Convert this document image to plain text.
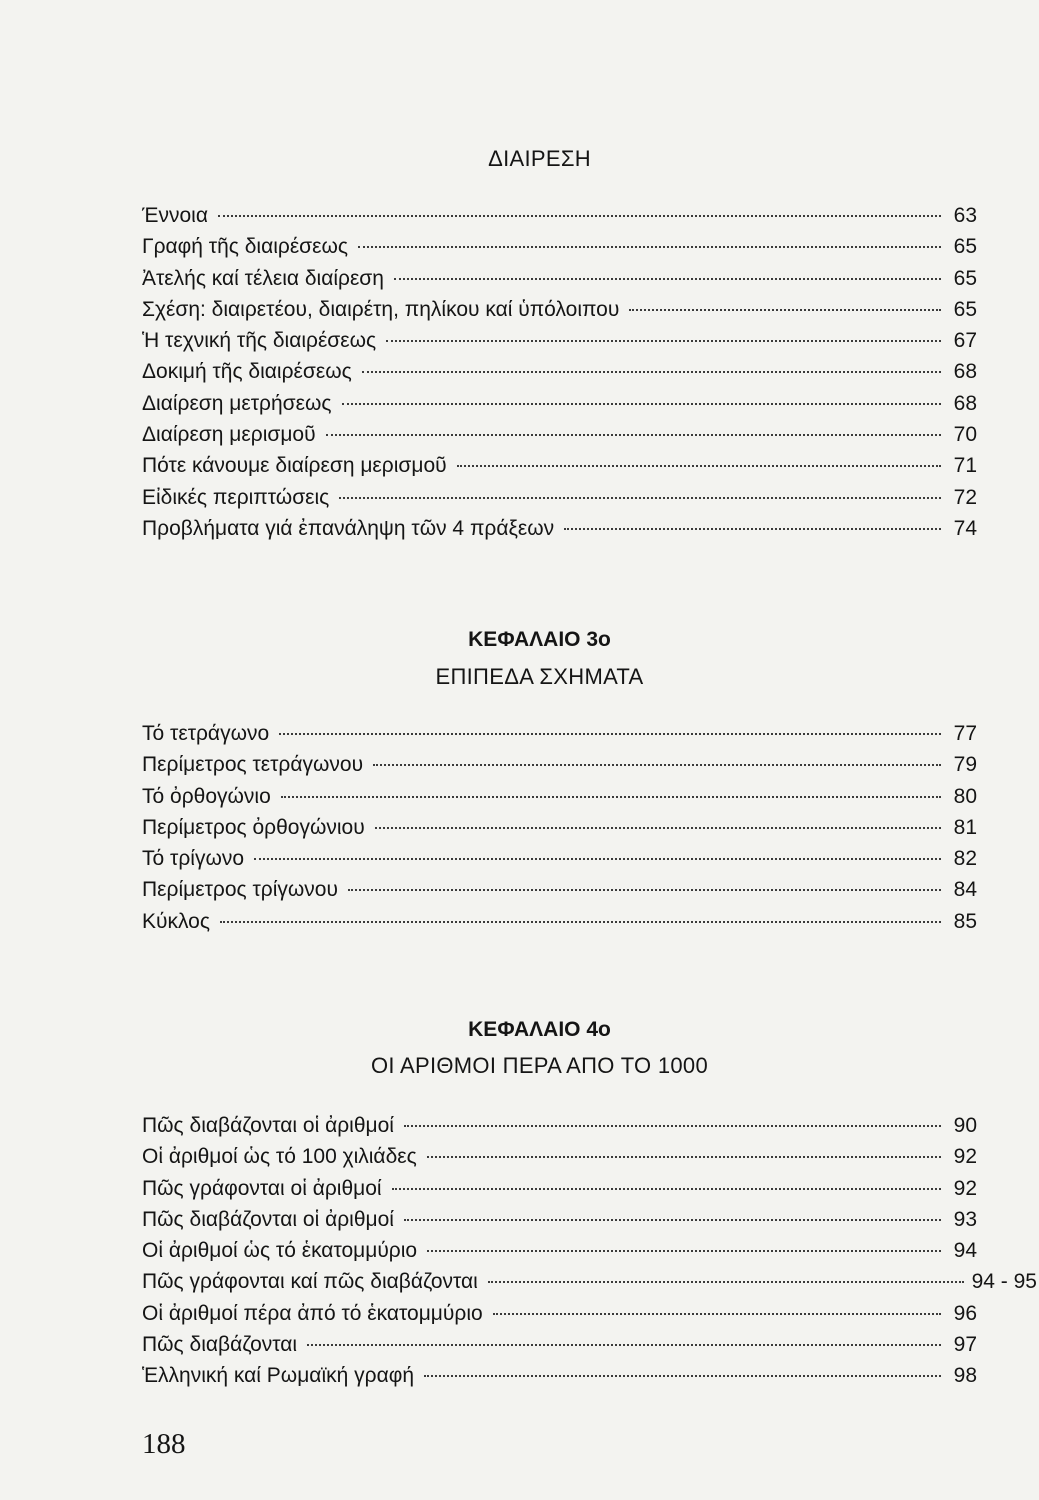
ΔΙΑΙΡΕΣΗ
Έννοια	63
Γραφή τῆς διαιρέσεως	65
Ἀτελής καί τέλεια διαίρεση	65
Σχέση: διαιρετέου, διαιρέτη, πηλίκου καί ὑπόλοιπου	65
Ἡ τεχνική τῆς διαιρέσεως	67
Δοκιμή τῆς διαιρέσεως	68
Διαίρεση μετρήσεως	68
Διαίρεση μερισμοῦ	70
Πότε κάνουμε διαίρεση μερισμοῦ	71
Εἰδικές περιπτώσεις	72
Προβλήματα γιά ἐπανάληψη τῶν 4 πράξεων	74
ΚΕΦΑΛΑΙΟ 3ο
ΕΠΙΠΕΔΑ ΣΧΗΜΑΤΑ
Τό τετράγωνο	77
Περίμετρος τετράγωνου	79
Τό ὀρθογώνιο	80
Περίμετρος ὀρθογώνιου	81
Τό τρίγωνο	82
Περίμετρος τρίγωνου	84
Κύκλος	85
ΚΕΦΑΛΑΙΟ 4ο
ΟΙ ΑΡΙΘΜΟΙ ΠΕΡΑ ΑΠΟ ΤΟ 1000
Πῶς διαβάζονται οἱ ἀριθμοί	90
Οἱ ἀριθμοί ὡς τό 100 χιλιάδες	92
Πῶς γράφονται οἱ ἀριθμοί	92
Πῶς διαβάζονται οἱ ἀριθμοί	93
Οἱ ἀριθμοί ὡς τό ἑκατομμύριο	94
Πῶς γράφονται καί πῶς διαβάζονται	94 - 95
Οἱ ἀριθμοί πέρα ἀπό τό ἑκατομμύριο	96
Πῶς διαβάζονται	97
Ἑλληνική καί Ρωμαϊκή γραφή	98
188
